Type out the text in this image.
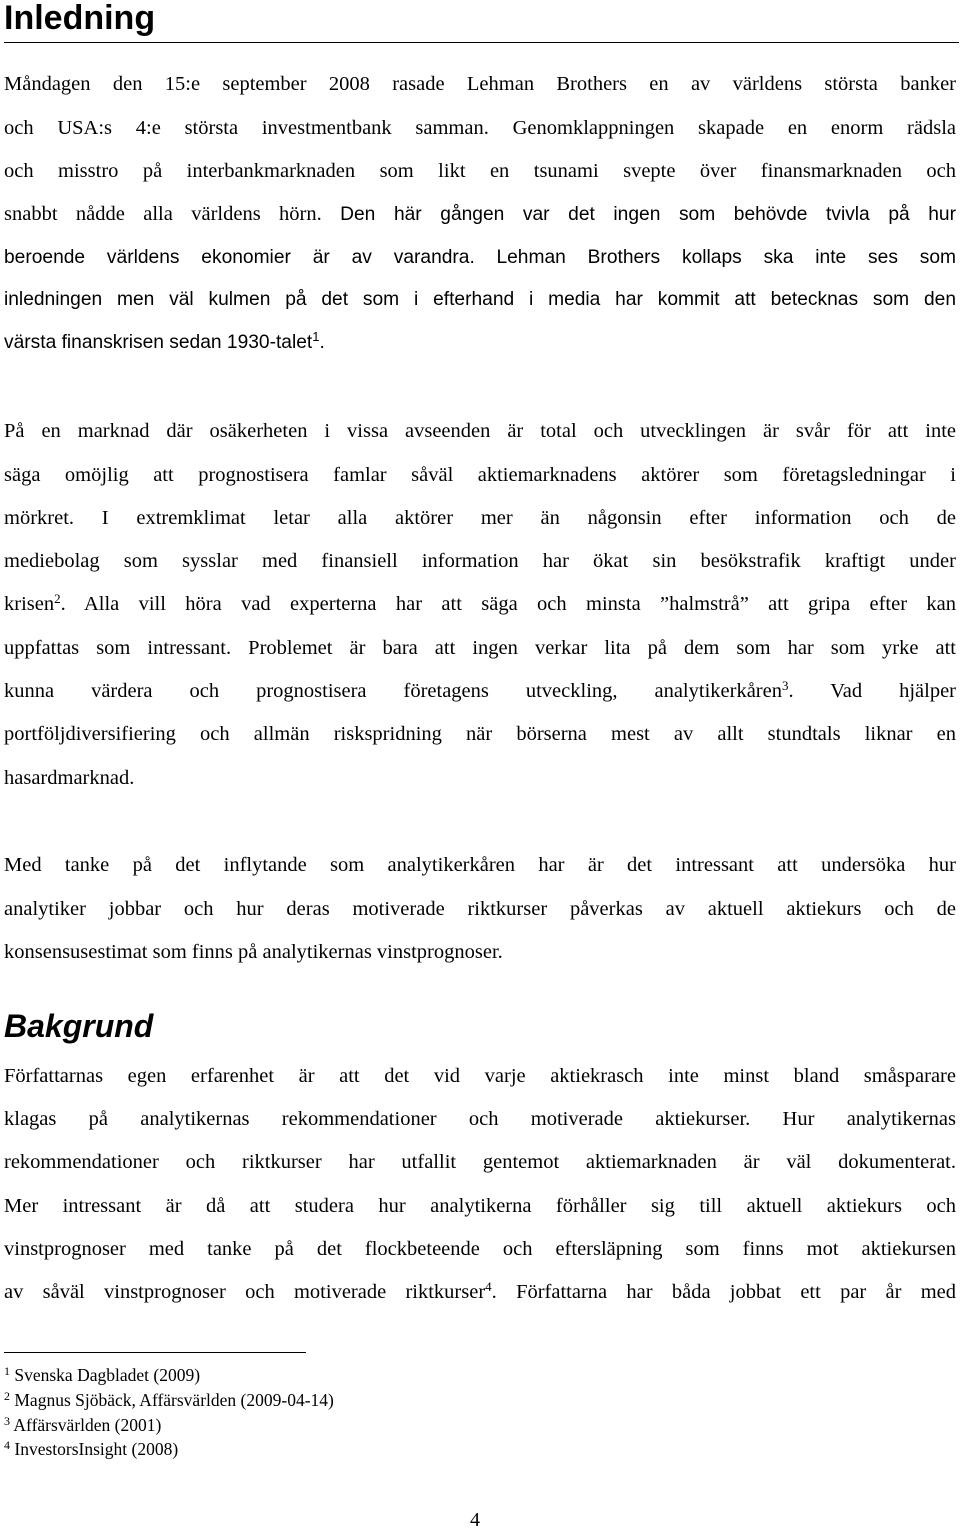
Inledning

Måndagen den 15:e september 2008 rasade Lehman Brothers en av världens största banker

och USA:s 4:e största investmentbank samman. Genomklappningen skapade en enorm rädsla

och misstro på interbankmarknaden som likt en tsunami svepte över finansmarknaden och

snabbt nådde alla världens hörn. Den här gången var det ingen som behövde tvivla på hur

beroende världens ekonomier är av varandra. Lehman Brothers kollaps ska inte ses som

inledningen men väl kulmen på det som i efterhand i media har kommit att betecknas som den

värsta finanskrisen sedan 1930-talet$^1$.

På en marknad där osäkerheten i vissa avseenden är total och utvecklingen är svår för att inte

säga omöjlig att prognostisera famlar såväl aktiemarknadens aktörer som företagsledningar i

mörkret. I extremklimat letar alla aktörer mer än någonsin efter information och de

mediebolag som sysslar med finansiell information har ökat sin besökstrafik kraftigt under

krisen$^2$. Alla vill höra vad experterna har att säga och minsta ”halmstrå” att gripa efter kan

uppfattas som intressant. Problemet är bara att ingen verkar lita på dem som har som yrke att

kunna värdera och prognostisera företagens utveckling, analytikerkåren$^3$. Vad hjälper

portföljdiversifiering och allmän riskspridning när börserna mest av allt stundtals liknar en

hasardmarknad.

Med tanke på det inflytande som analytikerkåren har är det intressant att undersöka hur

analytiker jobbar och hur deras motiverade riktkurser påverkas av aktuell aktiekurs och de

konsensusestimat som finns på analytikernas vinstprognoser.

Bakgrund

Författarnas egen erfarenhet är att det vid varje aktiekrasch inte minst bland småsparare

klagas på analytikernas rekommendationer och motiverade aktiekurser. Hur analytikernas

rekommendationer och riktkurser har utfallit gentemot aktiemarknaden är väl dokumenterat.

Mer intressant är då att studera hur analytikerna förhåller sig till aktuell aktiekurs och

vinstprognoser med tanke på det flockbeteende och eftersläpning som finns mot aktiekursen

av såväl vinstprognoser och motiverade riktkurser$^4$. Författarna har båda jobbat ett par år med

$^1$ Svenska Dagbladet (2009)
$^2$ Magnus Sjöbäck, Affärsvärlden (2009-04-14)
$^3$ Affärsvärlden (2001)
$^4$ InvestorsInsight (2008)
4
